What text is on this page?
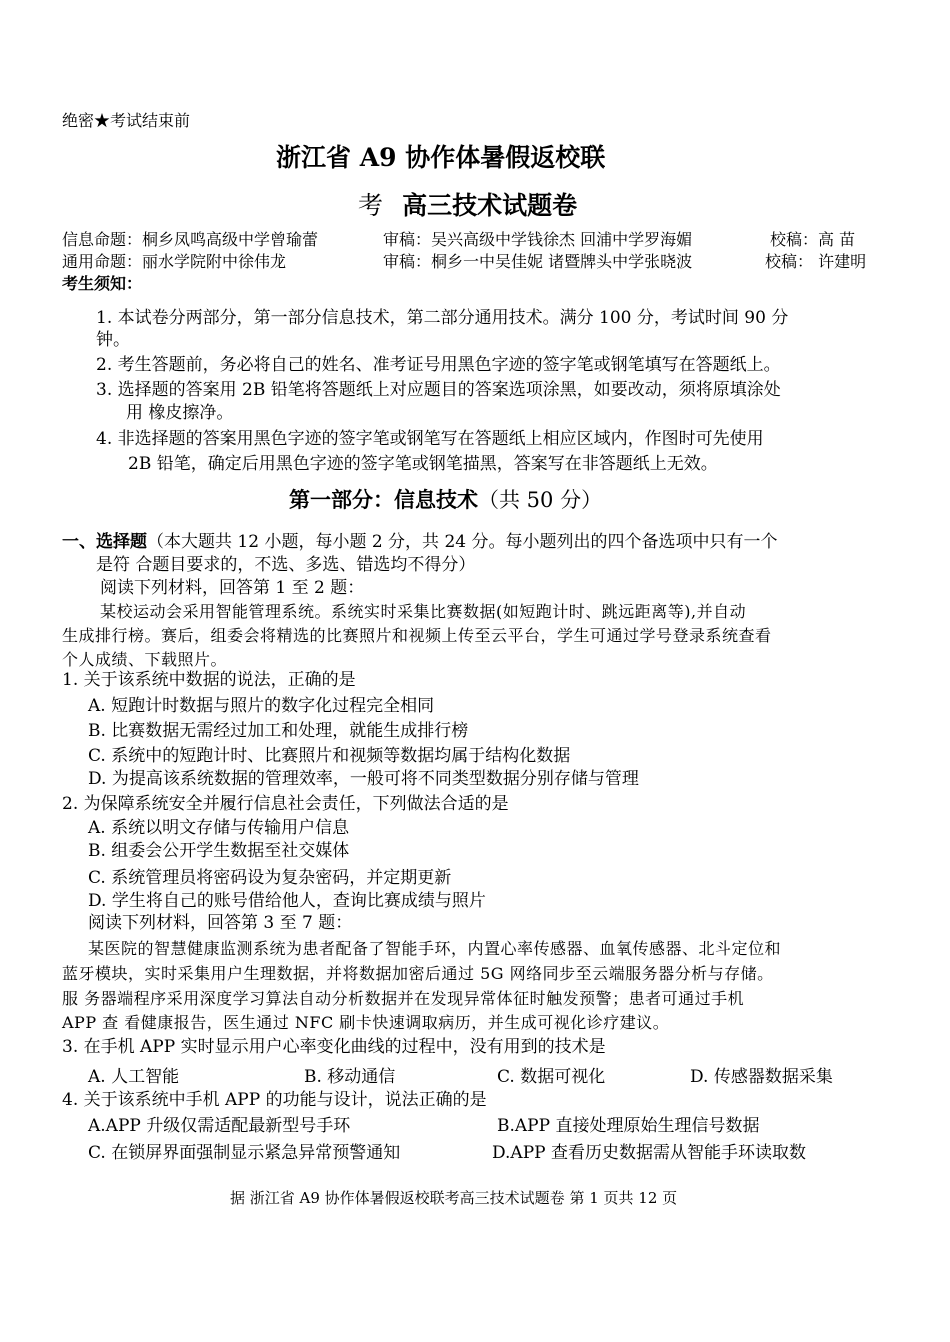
绝密★考试结束前
浙江省 A9 协作体暑假返校联
考 高三技术试题卷
信息命题：桐乡凤鸣高级中学曾瑜蕾	审稿：吴兴高级中学钱徐杰 回浦中学罗海媚	校稿：高 苗
通用命题：丽水学院附中徐伟龙	审稿：桐乡一中吴佳妮 诸暨牌头中学张晓波	校稿： 许建明
考生须知：
1. 本试卷分两部分，第一部分信息技术，第二部分通用技术。满分 100 分，考试时间 90 分
钟。
2. 考生答题前，务必将自己的姓名、准考证号用黑色字迹的签字笔或钢笔填写在答题纸上。
3. 选择题的答案用 2B 铅笔将答题纸上对应题目的答案选项涂黑，如要改动，须将原填涂处
用 橡皮擦净。
4. 非选择题的答案用黑色字迹的签字笔或钢笔写在答题纸上相应区域内，作图时可先使用
2B 铅笔，确定后用黑色字迹的签字笔或钢笔描黑，答案写在非答题纸上无效。
第一部分：信息技术（共 50 分）
一、选择题（本大题共 12 小题，每小题 2 分，共 24 分。每小题列出的四个备选项中只有一个
是符 合题目要求的，不选、多选、错选均不得分）
阅读下列材料，回答第 1 至 2 题：
某校运动会采用智能管理系统。系统实时采集比赛数据(如短跑计时、跳远距离等),并自动
生成排行榜。赛后，组委会将精选的比赛照片和视频上传至云平台，学生可通过学号登录系统查看
个人成绩、下载照片。
1. 关于该系统中数据的说法，正确的是
A. 短跑计时数据与照片的数字化过程完全相同
B. 比赛数据无需经过加工和处理，就能生成排行榜
C. 系统中的短跑计时、比赛照片和视频等数据均属于结构化数据
D. 为提高该系统数据的管理效率，一般可将不同类型数据分别存储与管理
2. 为保障系统安全并履行信息社会责任，下列做法合适的是
A. 系统以明文存储与传输用户信息
B. 组委会公开学生数据至社交媒体
C. 系统管理员将密码设为复杂密码，并定期更新
D. 学生将自己的账号借给他人，查询比赛成绩与照片
阅读下列材料，回答第 3 至 7 题：
某医院的智慧健康监测系统为患者配备了智能手环，内置心率传感器、血氧传感器、北斗定位和
蓝牙模块，实时采集用户生理数据，并将数据加密后通过 5G 网络同步至云端服务器分析与存储。
服 务器端程序采用深度学习算法自动分析数据并在发现异常体征时触发预警；患者可通过手机
APP 查 看健康报告，医生通过 NFC 刷卡快速调取病历，并生成可视化诊疗建议。
3. 在手机 APP 实时显示用户心率变化曲线的过程中，没有用到的技术是
A. 人工智能	B. 移动通信	C. 数据可视化	D. 传感器数据采集
4. 关于该系统中手机 APP 的功能与设计，说法正确的是
A.APP 升级仅需适配最新型号手环	B.APP 直接处理原始生理信号数据
C. 在锁屏界面强制显示紧急异常预警通知	D.APP 查看历史数据需从智能手环读取数
据 浙江省 A9 协作体暑假返校联考高三技术试题卷 第 1 页共 12 页
